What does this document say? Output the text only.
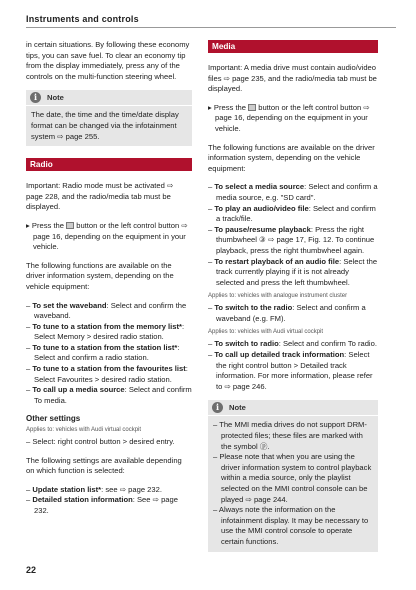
Instruments and controls

in certain situations. By following these economy tips, you can save fuel. To clear an economy tip from the display immediately, press any of the controls on the multi-function steering wheel.

i	Note
The date, the time and the time/date display format can be changed via the infotainment system ⇨ page 255.
Radio

Important: Radio mode must be activated ⇨ page 228, and the radio/media tab must be displayed.

▸ Press the  button or the left control button ⇨ page 16, depending on the equipment in your vehicle.

The following functions are available on the driver information system, depending on the vehicle equipment:

– To set the waveband: Select and confirm the waveband.
– To tune to a station from the memory list*: Select Memory > desired radio station.
– To tune to a station from the station list*: Select and confirm a radio station.
– To tune to a station from the favourites list: Select Favourites > desired radio station.
– To call up a media source: Select and confirm To media.
Other settings
Applies to: vehicles with Audi virtual cockpit

– Select: right control button > desired entry.

The following settings are available depending on which function is selected:

– Update station list*: see ⇨ page 232.
– Detailed station information: See ⇨ page 232.
Media

Important: A media drive must contain audio/video files ⇨ page 235, and the radio/media tab must be displayed.

▸ Press the  button or the left control button ⇨ page 16, depending on the equipment in your vehicle.

The following functions are available on the driver information system, depending on the vehicle equipment:

– To select a media source: Select and confirm a media source, e.g. "SD card".
– To play an audio/video file: Select and confirm a track/file.
– To pause/resume playback: Press the right thumbwheel ③ ⇨ page 17, Fig. 12. To continue playback, press the right thumbwheel again.
– To restart playback of an audio file: Select the track currently playing if it is not already selected and press the left thumbwheel.
Applies to: vehicles with analogue instrument cluster
– To switch to the radio: Select and confirm a waveband (e.g. FM).
Applies to: vehicles with Audi virtual cockpit
– To switch to radio: Select and confirm To radio.
– To call up detailed track information: Select the right control button > Detailed track information. For more information, please refer to ⇨ page 246.
i	Note
– The MMI media drives do not support DRM-protected files; these files are marked with the symbol ⓟ.
– Please note that when you are using the driver information system to control playback within a media source, only the playlist selected on the MMI control console can be played ⇨ page 244.
– Always note the information on the infotainment display. It may be necessary to use the MMI control console to operate certain functions.
22
